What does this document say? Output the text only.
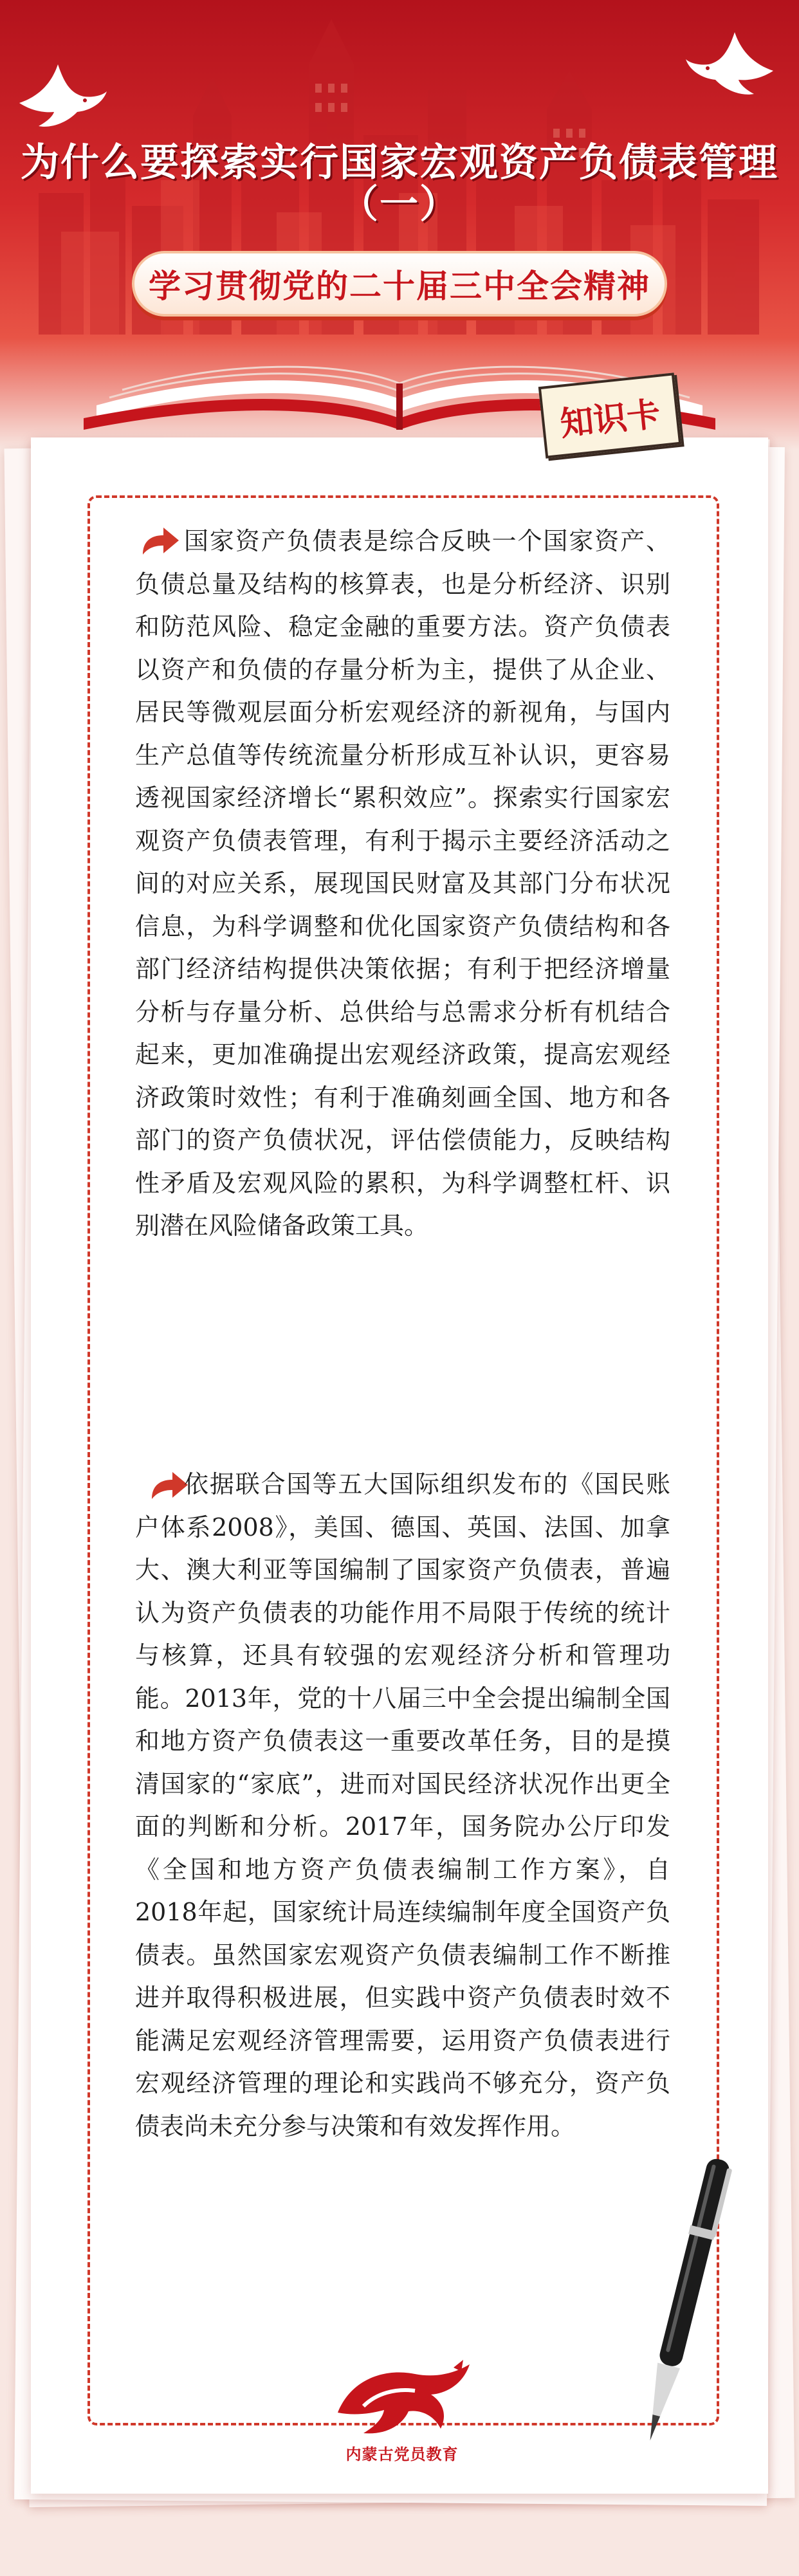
为什么要探索实行国家宏观资产负债表管理
（一）
学习贯彻党的二十届三中全会精神
知识卡
国家资产负债表是综合反映一个国家资产、负债总量及结构的核算表，也是分析经济、识别和防范风险、稳定金融的重要方法。资产负债表以资产和负债的存量分析为主，提供了从企业、居民等微观层面分析宏观经济的新视角，与国内生产总值等传统流量分析形成互补认识，更容易透视国家经济增长“累积效应”。探索实行国家宏观资产负债表管理，有利于揭示主要经济活动之间的对应关系，展现国民财富及其部门分布状况信息，为科学调整和优化国家资产负债结构和各部门经济结构提供决策依据；有利于把经济增量分析与存量分析、总供给与总需求分析有机结合起来，更加准确提出宏观经济政策，提高宏观经济政策时效性；有利于准确刻画全国、地方和各部门的资产负债状况，评估偿债能力，反映结构性矛盾及宏观风险的累积，为科学调整杠杆、识别潜在风险储备政策工具。
依据联合国等五大国际组织发布的《国民账户体系2008》，美国、德国、英国、法国、加拿大、澳大利亚等国编制了国家资产负债表，普遍认为资产负债表的功能作用不局限于传统的统计与核算，还具有较强的宏观经济分析和管理功能。2013年，党的十八届三中全会提出编制全国和地方资产负债表这一重要改革任务，目的是摸清国家的“家底”，进而对国民经济状况作出更全面的判断和分析。2017年，国务院办公厅印发《全国和地方资产负债表编制工作方案》，自2018年起，国家统计局连续编制年度全国资产负债表。虽然国家宏观资产负债表编制工作不断推进并取得积极进展，但实践中资产负债表时效不能满足宏观经济管理需要，运用资产负债表进行宏观经济管理的理论和实践尚不够充分，资产负债表尚未充分参与决策和有效发挥作用。
内蒙古党员教育
